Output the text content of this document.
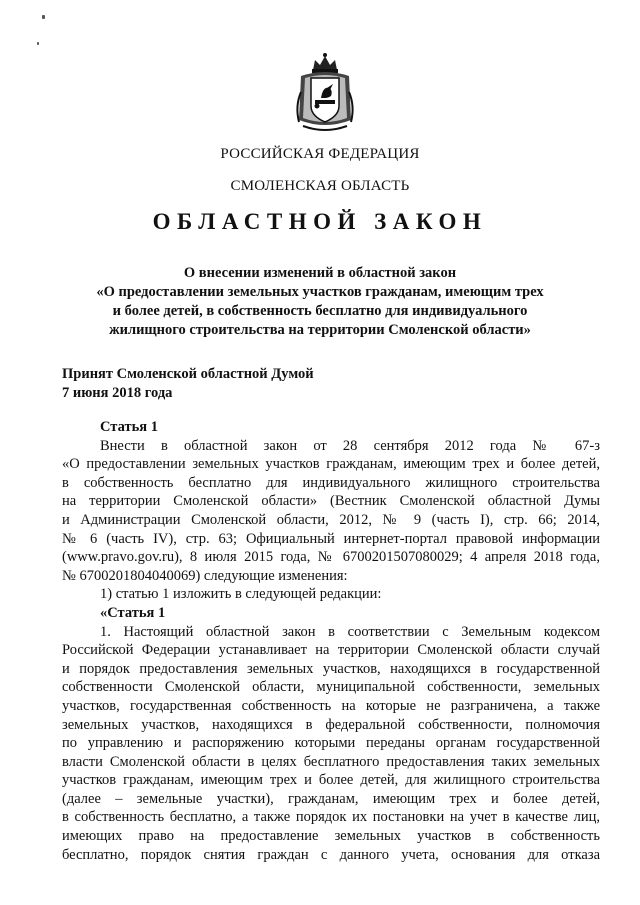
РОССИЙСКАЯ ФЕДЕРАЦИЯ
СМОЛЕНСКАЯ ОБЛАСТЬ
ОБЛАСТНОЙ ЗАКОН
О внесении изменений в областной закон
«О предоставлении земельных участков гражданам, имеющим трех
и более детей, в собственность бесплатно для индивидуального
жилищного строительства на территории Смоленской области»
Принят Смоленской областной Думой
7 июня 2018 года

Статья 1

Внести в областной закон от 28 сентября 2012 года № 67-з

«О предоставлении земельных участков гражданам, имеющим трех и более детей,

в собственность бесплатно для индивидуального жилищного строительства

на территории Смоленской области» (Вестник Смоленской областной Думы

и Администрации Смоленской области, 2012, № 9 (часть I), стр. 66; 2014,

№ 6 (часть IV), стр. 63; Официальный интернет-портал правовой информации

(www.pravo.gov.ru), 8 июля 2015 года, № 6700201507080029; 4 апреля 2018 года,

№ 6700201804040069) следующие изменения:

1) статью 1 изложить в следующей редакции:

«Статья 1

1. Настоящий областной закон в соответствии с Земельным кодексом

Российской Федерации устанавливает на территории Смоленской области случай

и порядок предоставления земельных участков, находящихся в государственной

собственности Смоленской области, муниципальной собственности, земельных

участков, государственная собственность на которые не разграничена, а также

земельных участков, находящихся в федеральной собственности, полномочия

по управлению и распоряжению которыми переданы органам государственной

власти Смоленской области в целях бесплатного предоставления таких земельных

участков гражданам, имеющим трех и более детей, для жилищного строительства

(далее – земельные участки), гражданам, имеющим трех и более детей,

в собственность бесплатно, а также порядок их постановки на учет в качестве лиц,

имеющих право на предоставление земельных участков в собственность

бесплатно, порядок снятия граждан с данного учета, основания для отказа
